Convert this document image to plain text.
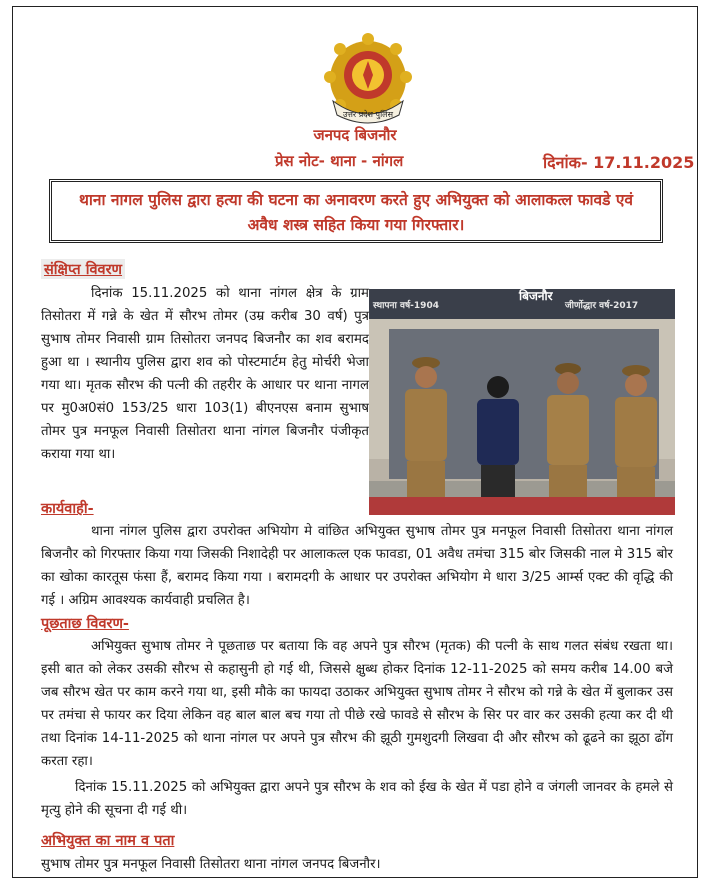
उत्तर प्रदेश पुलिस
जनपद बिजनौर
प्रेस नोट- थाना - नांगल	दिनांक- 17.11.2025
थाना नागल पुलिस द्वारा हत्या की घटना का अनावरण करते हुए अभियुक्त को आलाकत्ल फावडे एवं अवैध शस्त्र सहित किया गया गिरफ्तार।
संक्षिप्त विवरण
दिनांक 15.11.2025 को थाना नांगल क्षेत्र के ग्राम तिसोतरा में गन्ने के खेत में सौरभ तोमर (उम्र करीब 30 वर्ष) पुत्र सुभाष तोमर निवासी ग्राम तिसोतरा जनपद बिजनौर का शव बरामद हुआ था । स्थानीय पुलिस द्वारा शव को पोस्टमार्टम हेतु मोर्चरी भेजा गया था। मृतक सौरभ की पत्नी की तहरीर के आधार पर थाना नागल पर मु0अ0सं0 153/25 धारा 103(1) बीएनएस बनाम सुभाष तोमर पुत्र मनफूल निवासी तिसोतरा थाना नांगल बिजनौर पंजीकृत कराया गया था।
स्थापना वर्ष-1904
बिजनौर
जीर्णोद्धार वर्ष-2017
कार्यवाही-
थाना नांगल पुलिस द्वारा उपरोक्त अभियोग मे वांछित अभियुक्त सुभाष तोमर पुत्र मनफूल निवासी तिसोतरा थाना नांगल बिजनौर को गिरफ्तार किया गया जिसकी निशादेही पर आलाकत्ल एक फावडा, 01 अवैध तमंचा 315 बोर जिसकी नाल मे 315 बोर का खोका कारतूस फंसा हैं, बरामद किया गया । बरामदगी के आधार पर उपरोक्त अभियोग मे धारा 3/25 आर्म्स एक्ट की वृद्धि की गई । अग्रिम आवश्यक कार्यवाही प्रचलित है।
पूछताछ विवरण-
अभियुक्त सुभाष तोमर ने पूछताछ पर बताया कि वह अपने पुत्र सौरभ (मृतक) की पत्नी के साथ गलत संबंध रखता था। इसी बात को लेकर उसकी सौरभ से कहासुनी हो गई थी, जिससे क्षुब्ध होकर दिनांक 12-11-2025 को समय करीब 14.00 बजे जब सौरभ खेत पर काम करने गया था, इसी मौके का फायदा उठाकर अभियुक्त सुभाष तोमर ने सौरभ को गन्ने के खेत में बुलाकर उस पर तमंचा से फायर कर दिया लेकिन वह बाल बाल बच गया तो पीछे रखे फावडे से सौरभ के सिर पर वार कर उसकी हत्या कर दी थी तथा दिनांक 14-11-2025 को थाना नांगल पर अपने पुत्र सौरभ की झूठी गुमशुदगी लिखवा दी और सौरभ को ढूढने का झूठा ढोंग करता रहा।
दिनांक 15.11.2025 को अभियुक्त द्वारा अपने पुत्र सौरभ के शव को ईख के खेत में पडा होने व जंगली जानवर के हमले से मृत्यु होने की सूचना दी गई थी।
अभियुक्त का नाम व पता
सुभाष तोमर पुत्र मनफूल निवासी तिसोतरा थाना नांगल जनपद बिजनौर।
